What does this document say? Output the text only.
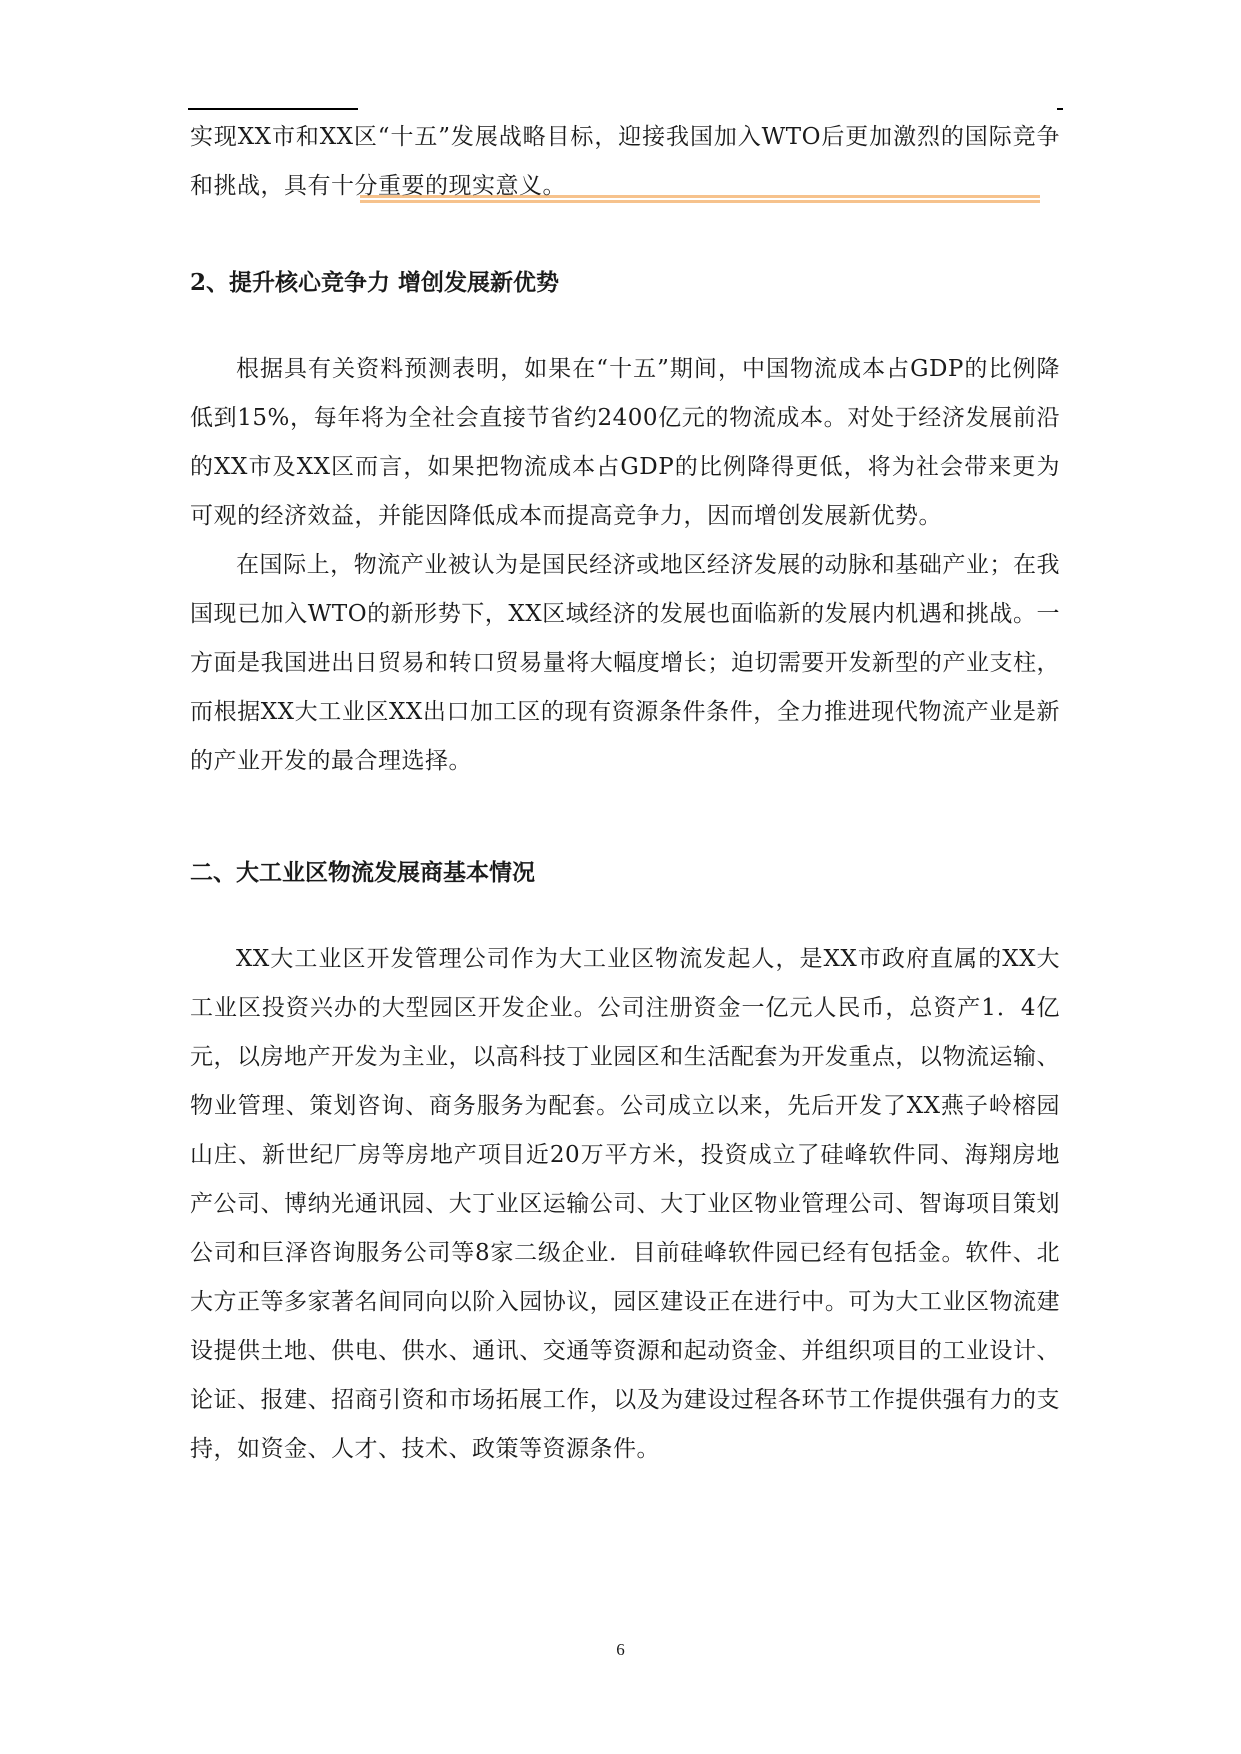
实现XX市和XX区“十五”发展战略目标，迎接我国加入WTO后更加激烈的国际竞争和挑战，具有十分重要的现实意义。

2、提升核心竞争力 增创发展新优势

根据具有关资料预测表明，如果在“十五”期间，中国物流成本占GDP的比例降低到15%，每年将为全社会直接节省约2400亿元的物流成本。对处于经济发展前沿的XX市及XX区而言，如果把物流成本占GDP的比例降得更低，将为社会带来更为可观的经济效益，并能因降低成本而提高竞争力，因而增创发展新优势。

在国际上，物流产业被认为是国民经济或地区经济发展的动脉和基础产业；在我国现已加入WTO的新形势下，XX区域经济的发展也面临新的发展内机遇和挑战。一方面是我国进出日贸易和转口贸易量将大幅度增长；迫切需要开发新型的产业支柱，而根据XX大工业区XX出口加工区的现有资源条件条件，全力推进现代物流产业是新的产业开发的最合理选择。

二、大工业区物流发展商基本情况

XX大工业区开发管理公司作为大工业区物流发起人，是XX市政府直属的XX大工业区投资兴办的大型园区开发企业。公司注册资金一亿元人民币，总资产1．4亿元，以房地产开发为主业，以高科技丁业园区和生活配套为开发重点，以物流运输、物业管理、策划咨询、商务服务为配套。公司成立以来，先后开发了XX燕子岭榕园山庄、新世纪厂房等房地产项目近20万平方米，投资成立了硅峰软件同、海翔房地产公司、博纳光通讯园、大丁业区运输公司、大丁业区物业管理公司、智诲项目策划公司和巨泽咨询服务公司等8家二级企业．目前硅峰软件园已经有包括金。软件、北大方正等多家著名间同向以阶入园协议，园区建设正在进行中。可为大工业区物流建设提供土地、供电、供水、通讯、交通等资源和起动资金、并组织项目的工业设计、论证、报建、招商引资和市场拓展工作，以及为建设过程各环节工作提供强有力的支持，如资金、人才、技术、政策等资源条件。

6
